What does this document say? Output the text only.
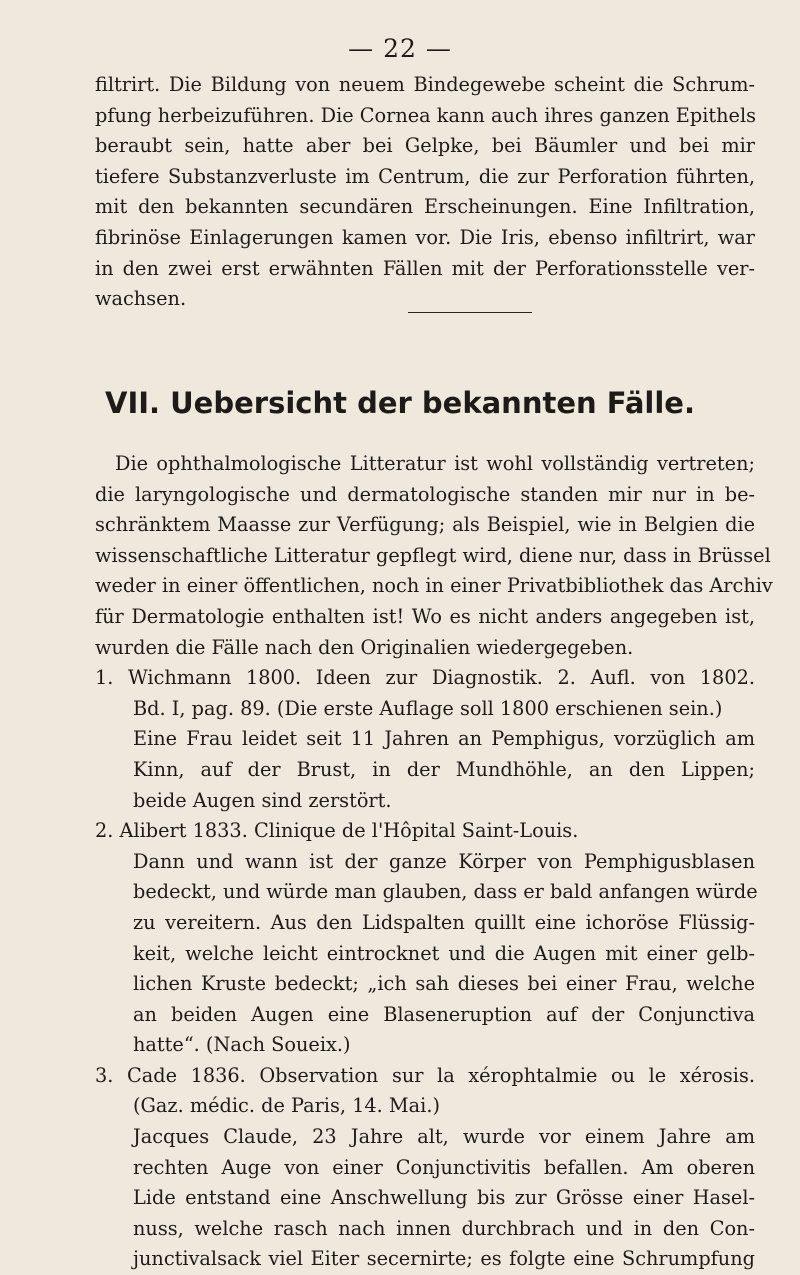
— 22 —
filtrirt. Die Bildung von neuem Bindegewebe scheint die Schrum-
pfung herbeizuführen. Die Cornea kann auch ihres ganzen Epithels
beraubt sein, hatte aber bei Gelpke, bei Bäumler und bei mir
tiefere Substanzverluste im Centrum, die zur Perforation führten,
mit den bekannten secundären Erscheinungen. Eine Infiltration,
fibrinöse Einlagerungen kamen vor. Die Iris, ebenso infiltrirt, war
in den zwei erst erwähnten Fällen mit der Perforationsstelle ver-
wachsen.
VII. Uebersicht der bekannten Fälle.
Die ophthalmologische Litteratur ist wohl vollständig vertreten;
die laryngologische und dermatologische standen mir nur in be-
schränktem Maasse zur Verfügung; als Beispiel, wie in Belgien die
wissenschaftliche Litteratur gepflegt wird, diene nur, dass in Brüssel
weder in einer öffentlichen, noch in einer Privatbibliothek das Archiv
für Dermatologie enthalten ist! Wo es nicht anders angegeben ist,
wurden die Fälle nach den Originalien wiedergegeben.
1. Wichmann 1800. Ideen zur Diagnostik. 2. Aufl. von 1802.
Bd. I, pag. 89. (Die erste Auflage soll 1800 erschienen sein.)
Eine Frau leidet seit 11 Jahren an Pemphigus, vorzüglich am
Kinn, auf der Brust, in der Mundhöhle, an den Lippen;
beide Augen sind zerstört.
2. Alibert 1833. Clinique de l'Hôpital Saint-Louis.
Dann und wann ist der ganze Körper von Pemphigusblasen
bedeckt, und würde man glauben, dass er bald anfangen würde
zu vereitern. Aus den Lidspalten quillt eine ichoröse Flüssig-
keit, welche leicht eintrocknet und die Augen mit einer gelb-
lichen Kruste bedeckt; „ich sah dieses bei einer Frau, welche
an beiden Augen eine Blaseneruption auf der Conjunctiva
hatte“. (Nach Soueix.)
3. Cade 1836. Observation sur la xérophtalmie ou le xérosis.
(Gaz. médic. de Paris, 14. Mai.)
Jacques Claude, 23 Jahre alt, wurde vor einem Jahre am
rechten Auge von einer Conjunctivitis befallen. Am oberen
Lide entstand eine Anschwellung bis zur Grösse einer Hasel-
nuss, welche rasch nach innen durchbrach und in den Con-
junctivalsack viel Eiter secernirte; es folgte eine Schrumpfung
